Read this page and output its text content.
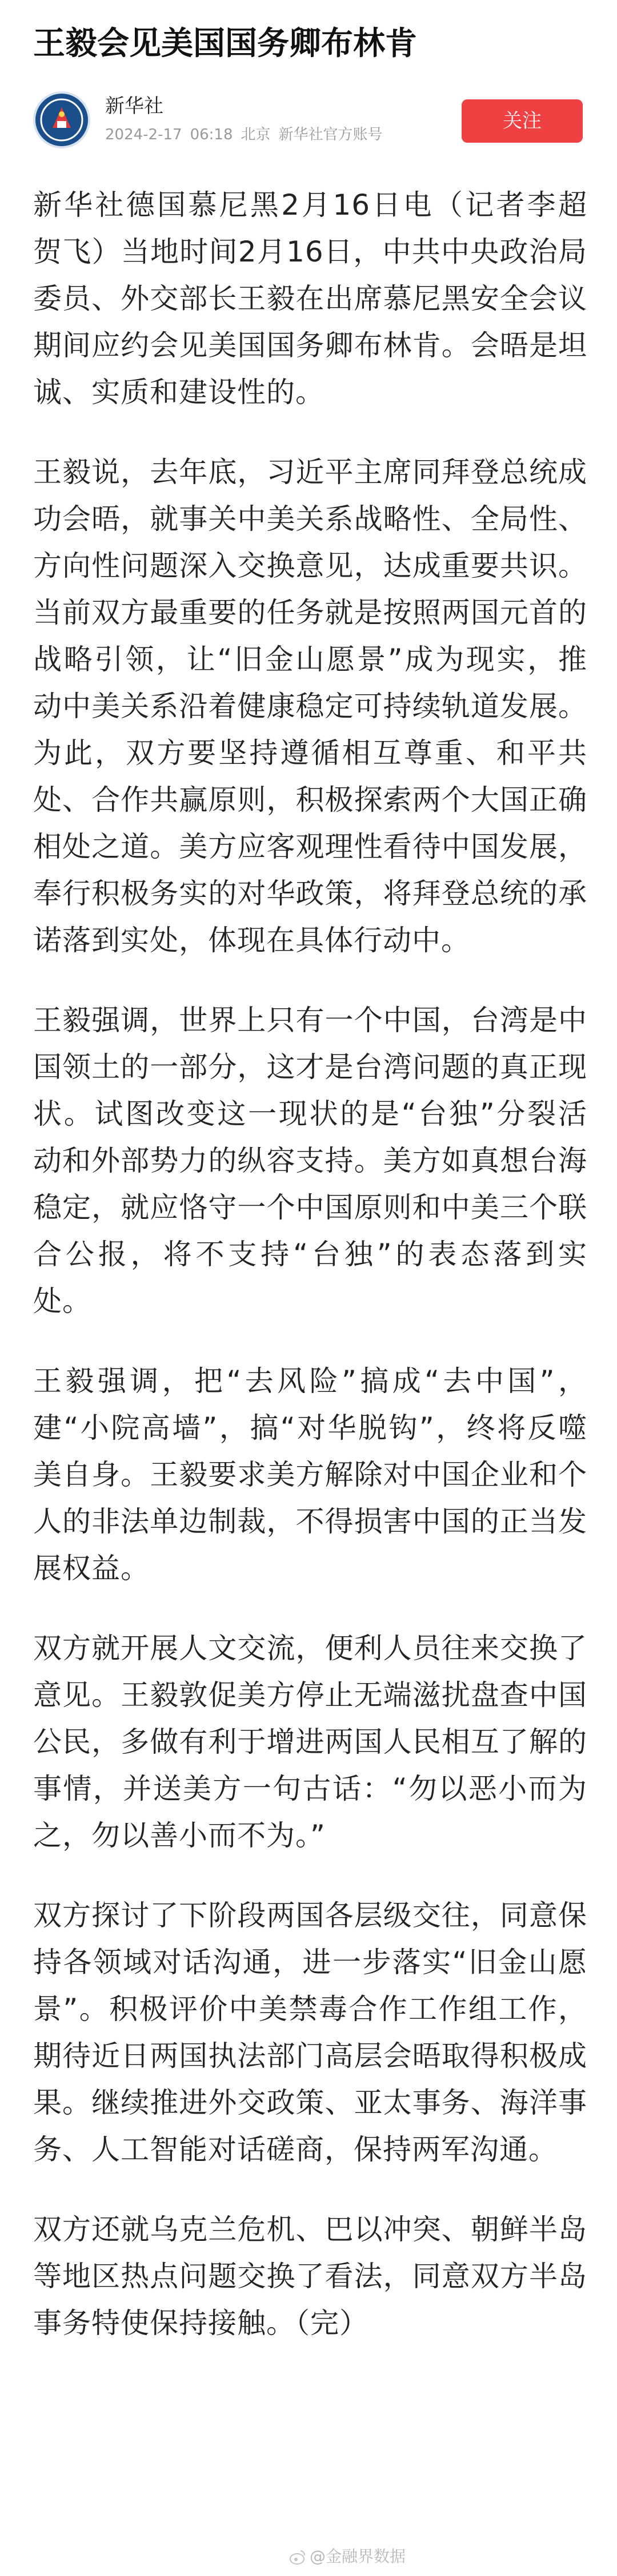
王毅会见美国国务卿布林肯
新华社
2024-2-17 06:18 北京 新华社官方账号
关注

新华社德国慕尼黑2月16日电（记者李超 贺飞）当地时间2月16日，中共中央政治局委员、外交部长王毅在出席慕尼黑安全会议期间应约会见美国国务卿布林肯。会晤是坦诚、实质和建设性的。

王毅说，去年底，习近平主席同拜登总统成功会晤，就事关中美关系战略性、全局性、方向性问题深入交换意见，达成重要共识。当前双方最重要的任务就是按照两国元首的战略引领，让“旧金山愿景”成为现实，推动中美关系沿着健康稳定可持续轨道发展。为此，双方要坚持遵循相互尊重、和平共处、合作共赢原则，积极探索两个大国正确相处之道。美方应客观理性看待中国发展，奉行积极务实的对华政策，将拜登总统的承诺落到实处，体现在具体行动中。

王毅强调，世界上只有一个中国，台湾是中国领土的一部分，这才是台湾问题的真正现状。试图改变这一现状的是“台独”分裂活动和外部势力的纵容支持。美方如真想台海稳定，就应恪守一个中国原则和中美三个联合公报，将不支持“台独”的表态落到实处。

王毅强调，把“去风险”搞成“去中国”，建“小院高墙”，搞“对华脱钩”，终将反噬美自身。王毅要求美方解除对中国企业和个人的非法单边制裁，不得损害中国的正当发展权益。

双方就开展人文交流，便利人员往来交换了意见。王毅敦促美方停止无端滋扰盘查中国公民，多做有利于增进两国人民相互了解的事情，并送美方一句古话：“勿以恶小而为之，勿以善小而不为。”

双方探讨了下阶段两国各层级交往，同意保持各领域对话沟通，进一步落实“旧金山愿景”。积极评价中美禁毒合作工作组工作，期待近日两国执法部门高层会晤取得积极成果。继续推进外交政策、亚太事务、海洋事务、人工智能对话磋商，保持两军沟通。

双方还就乌克兰危机、巴以冲突、朝鲜半岛等地区热点问题交换了看法，同意双方半岛事务特使保持接触。（完）

@金融界数据
